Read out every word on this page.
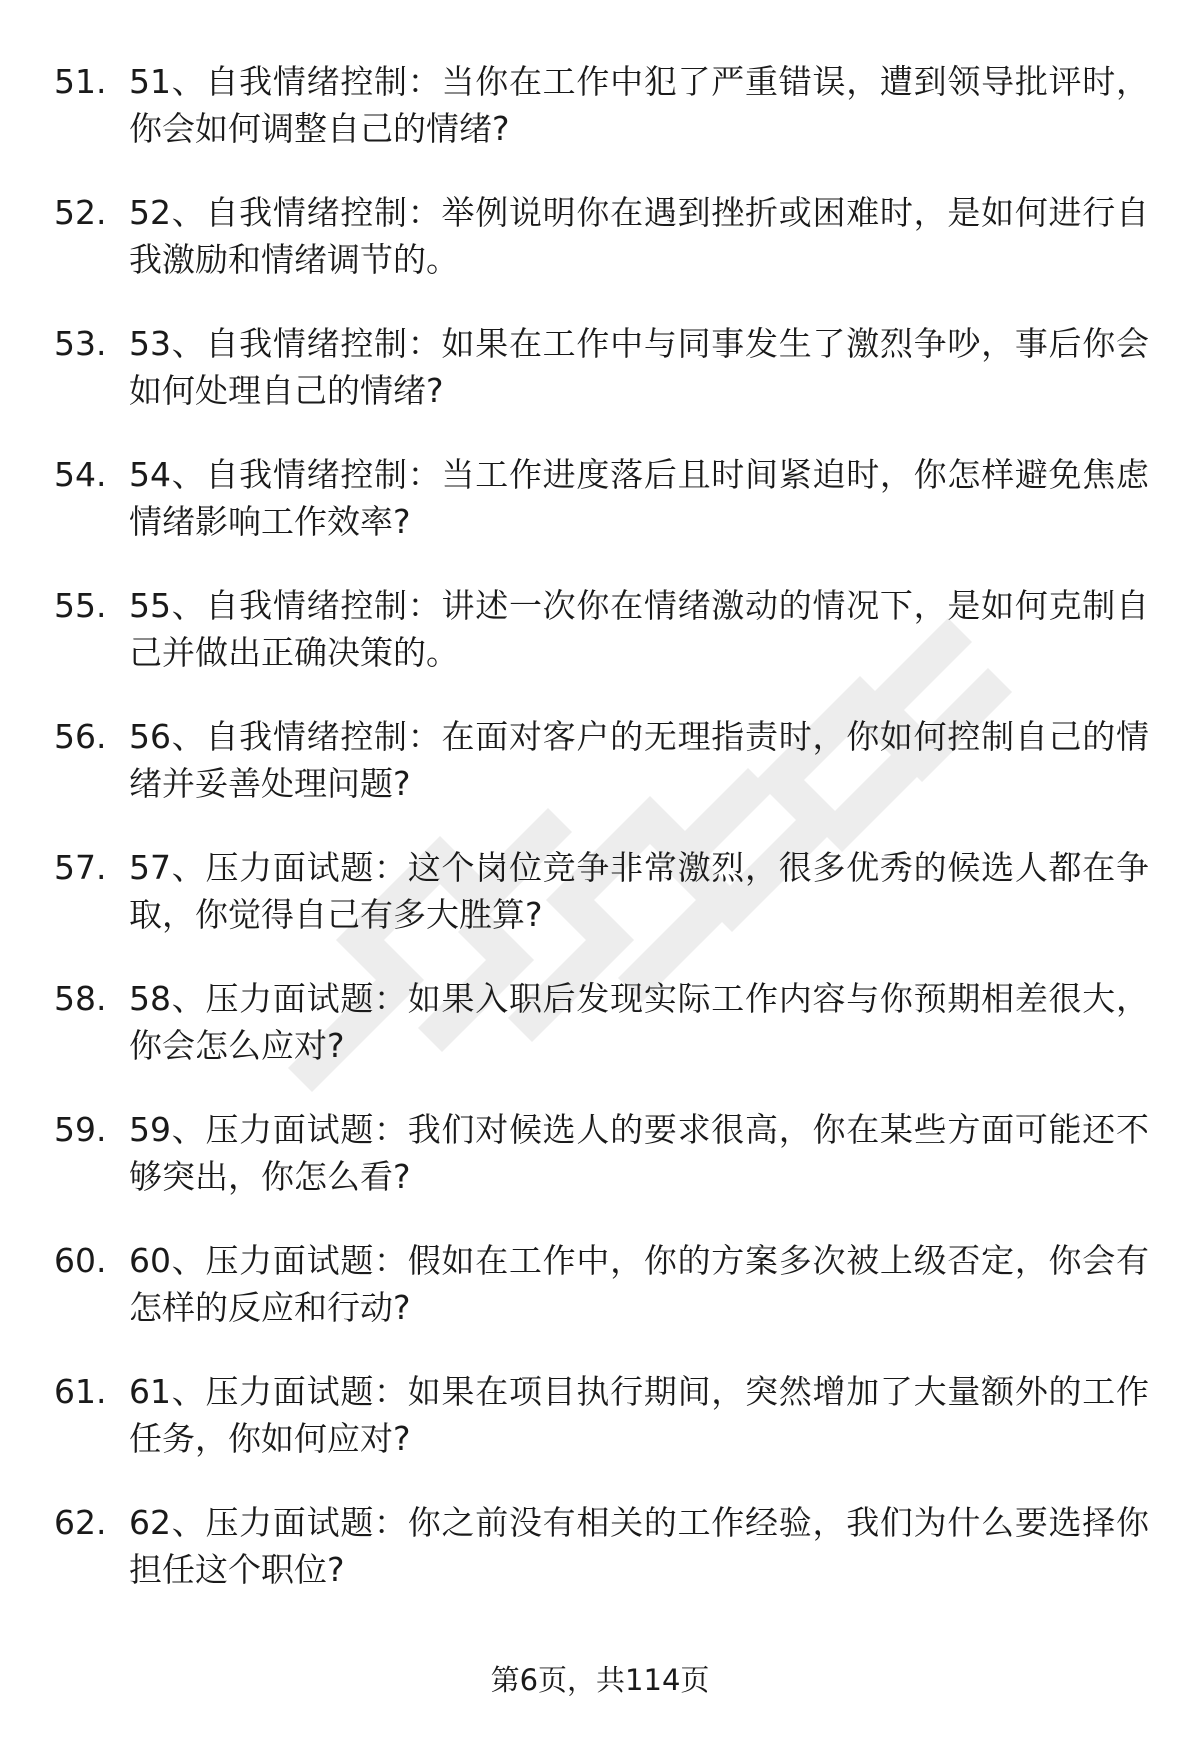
51. 51、自我情绪控制：当你在工作中犯了严重错误，遭到领导批评时，你会如何调整自己的情绪?
52. 52、自我情绪控制：举例说明你在遇到挫折或困难时，是如何进行自我激励和情绪调节的。
53. 53、自我情绪控制：如果在工作中与同事发生了激烈争吵，事后你会如何处理自己的情绪?
54. 54、自我情绪控制：当工作进度落后且时间紧迫时，你怎样避免焦虑情绪影响工作效率?
55. 55、自我情绪控制：讲述一次你在情绪激动的情况下，是如何克制自己并做出正确决策的。
56. 56、自我情绪控制：在面对客户的无理指责时，你如何控制自己的情绪并妥善处理问题?
57. 57、压力面试题：这个岗位竞争非常激烈，很多优秀的候选人都在争取，你觉得自己有多大胜算?
58. 58、压力面试题：如果入职后发现实际工作内容与你预期相差很大，你会怎么应对?
59. 59、压力面试题：我们对候选人的要求很高，你在某些方面可能还不够突出，你怎么看?
60. 60、压力面试题：假如在工作中，你的方案多次被上级否定，你会有怎样的反应和行动?
61. 61、压力面试题：如果在项目执行期间，突然增加了大量额外的工作任务，你如何应对?
62. 62、压力面试题：你之前没有相关的工作经验，我们为什么要选择你担任这个职位?
第6页，共114页
